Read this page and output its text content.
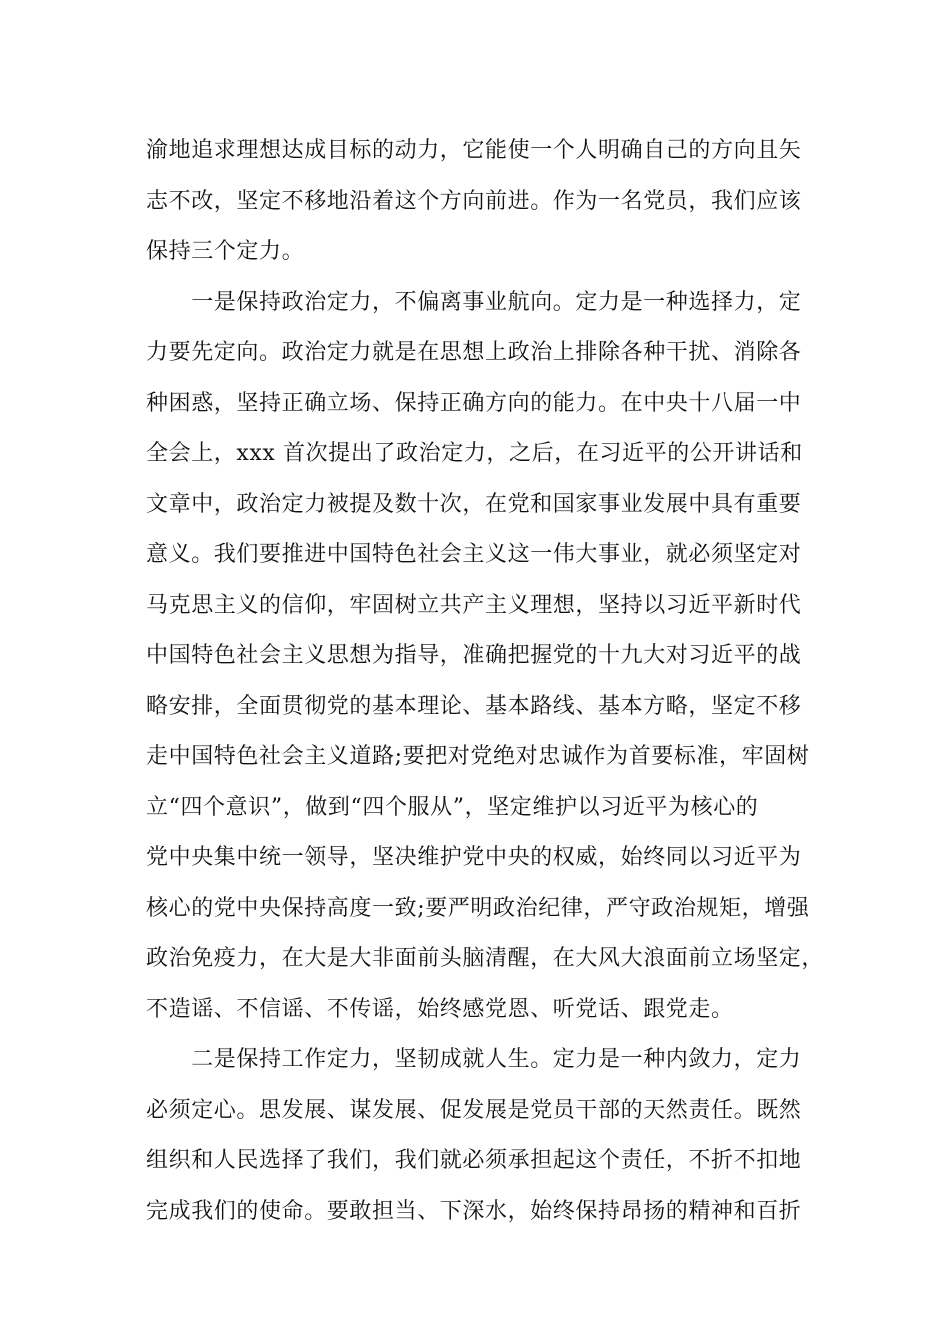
渝地追求理想达成目标的动力，它能使一个人明确自己的方向且矢
志不改，坚定不移地沿着这个方向前进。作为一名党员，我们应该
保持三个定力。
　　一是保持政治定力，不偏离事业航向。定力是一种选择力，定
力要先定向。政治定力就是在思想上政治上排除各种干扰、消除各
种困惑，坚持正确立场、保持正确方向的能力。在中央十八届一中
全会上，xxx 首次提出了政治定力，之后，在习近平的公开讲话和
文章中，政治定力被提及数十次，在党和国家事业发展中具有重要
意义。我们要推进中国特色社会主义这一伟大事业，就必须坚定对
马克思主义的信仰，牢固树立共产主义理想，坚持以习近平新时代
中国特色社会主义思想为指导，准确把握党的十九大对习近平的战
略安排，全面贯彻党的基本理论、基本路线、基本方略，坚定不移
走中国特色社会主义道路;要把对党绝对忠诚作为首要标准，牢固树
立“四个意识”，做到“四个服从”，坚定维护以习近平为核心的
党中央集中统一领导，坚决维护党中央的权威，始终同以习近平为
核心的党中央保持高度一致;要严明政治纪律，严守政治规矩，增强
政治免疫力，在大是大非面前头脑清醒，在大风大浪面前立场坚定，
不造谣、不信谣、不传谣，始终感党恩、听党话、跟党走。
　　二是保持工作定力，坚韧成就人生。定力是一种内敛力，定力
必须定心。思发展、谋发展、促发展是党员干部的天然责任。既然
组织和人民选择了我们，我们就必须承担起这个责任，不折不扣地
完成我们的使命。要敢担当、下深水，始终保持昂扬的精神和百折
